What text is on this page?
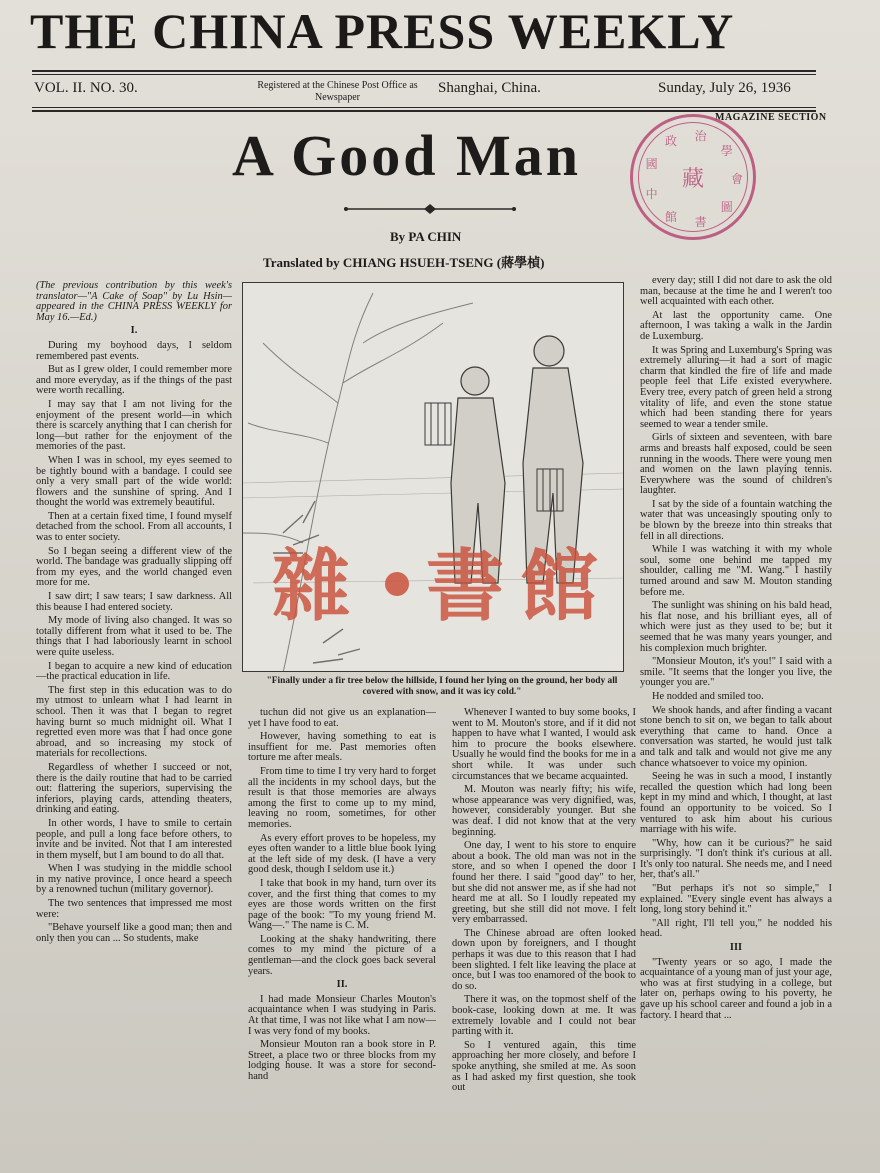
THE CHINA PRESS WEEKLY
VOL. II. NO. 30.	Registered at the Chinese Post Office as Newspaper
Shanghai, China.	Sunday, July 26, 1936
MAGAZINE SECTION
A Good Man
By PA CHIN
Translated by CHIANG HSUEH-TSENG (蔣學楨)
中
國
政 治
學
會
圖
書
館
藏

(The previous contribution by this week's translator—"A Cake of Soap" by Lu Hsin—appeared in the CHINA PRESS WEEKLY for May 16.—Ed.)

I.

During my boyhood days, I seldom remembered past events.

But as I grew older, I could remember more and more everyday, as if the things of the past were worth recalling.

I may say that I am not living for the enjoyment of the present world—in which there is scarcely anything that I can cherish for long—but rather for the enjoyment of the memories of the past.

When I was in school, my eyes seemed to be tightly bound with a bandage. I could see only a very small part of the wide world: flowers and the sunshine of spring. And I thought the world was extremely beautiful.

Then at a certain fixed time, I found myself detached from the school. From all accounts, I was to enter society.

So I began seeing a different view of the world. The bandage was gradually slipping off from my eyes, and the world changed even more for me.

I saw dirt; I saw tears; I saw darkness. All this beause I had entered society.

My mode of living also changed. It was so totally different from what it used to be. The things that I had laboriously learnt in school were quite useless.

I began to acquire a new kind of education—the practical education in life.

The first step in this education was to do my utmost to unlearn what I had learnt in school. Then it was that I began to regret having burnt so much midnight oil. What I regretted even more was that I had once gone abroad, and so increasing my stock of materials for recollections.

Regardless of whether I succeed or not, there is the daily routine that had to be carried out: flattering the superiors, supervising the inferiors, playing cards, attending theaters, drinking and eating.

In other words, I have to smile to certain people, and pull a long face before others, to invite and be invited. Not that I am interested in them myself, but I am bound to do all that.

When I was studying in the middle school in my native province, I once heard a speech by a renowned tuchun (military governor).

The two sentences that impressed me most were:

"Behave yourself like a good man; then and only then you can ... So students, make

雜 書館
"Finally under a fir tree below the hillside, I found her lying on the ground, her body all covered with snow, and it was icy cold."

tuchun did not give us an explanation—yet I have food to eat.

However, having something to eat is insuffient for me. Past memories often torture me after meals.

From time to time I try very hard to forget all the incidents in my school days, but the result is that those memories are always among the first to come up to my mind, leaving no room, sometimes, for other memories.

As every effort proves to be hopeless, my eyes often wander to a little blue book lying at the left side of my desk. (I have a very good desk, though I seldom use it.)

I take that book in my hand, turn over its cover, and the first thing that comes to my eyes are those words written on the first page of the book: "To my young friend M. Wang—." The name is C. M.

Looking at the shaky handwriting, there comes to my mind the picture of a gentleman—and the clock goes back several years.

II.

I had made Monsieur Charles Mouton's acquaintance when I was studying in Paris. At that time, I was not like what I am now—I was very fond of my books.

Monsieur Mouton ran a book store in P. Street, a place two or three blocks from my lodging house. It was a store for second-hand

Whenever I wanted to buy some books, I went to M. Mouton's store, and if it did not happen to have what I wanted, I would ask him to procure the books elsewhere. Usually he would find the books for me in a short while. It was under such circumstances that we became acquainted.

M. Mouton was nearly fifty; his wife, whose appearance was very dignified, was, however, considerably younger. But she was deaf. I did not know that at the very beginning.

One day, I went to his store to enquire about a book. The old man was not in the store, and so when I opened the door I found her there. I said "good day" to her, but she did not answer me, as if she had not heard me at all. So I loudly repeated my greeting, but she still did not move. I felt very embarrassed.

The Chinese abroad are often looked down upon by foreigners, and I thought perhaps it was due to this reason that I had been slighted. I felt like leaving the place at once, but I was too enamored of the book to do so.

There it was, on the topmost shelf of the book-case, looking down at me. It was extremely lovable and I could not bear parting with it.

So I ventured again, this time approaching her more closely, and before I spoke anything, she smiled at me. As soon as I had asked my first question, she took out

every day; still I did not dare to ask the old man, because at the time he and I weren't too well acquainted with each other.

At last the opportunity came. One afternoon, I was taking a walk in the Jardin de Luxemburg.

It was Spring and Luxemburg's Spring was extremely alluring—it had a sort of magic charm that kindled the fire of life and made people feel that Life existed everywhere. Every tree, every patch of green held a strong vitality of life, and even the stone statue which had been standing there for years seemed to wear a tender smile.

Girls of sixteen and seventeen, with bare arms and breasts half exposed, could be seen running in the woods. There were young men and women on the lawn playing tennis. Everywhere was the sound of children's laughter.

I sat by the side of a fountain watching the water that was unceasingly spouting only to be blown by the breeze into thin streaks that fell in all directions.

While I was watching it with my whole soul, some one behind me tapped my shoulder, calling me "M. Wang." I hastily turned around and saw M. Mouton standing before me.

The sunlight was shining on his bald head, his flat nose, and his brilliant eyes, all of which were just as they used to be; but it seemed that he was many years younger, and his complexion much brighter.

"Monsieur Mouton, it's you!" I said with a smile. "It seems that the longer you live, the younger you are."

He nodded and smiled too.

We shook hands, and after finding a vacant stone bench to sit on, we began to talk about everything that came to hand. Once a conversation was started, he would just talk and talk and talk and would not give me any chance whatsoever to voice my opinion.

Seeing he was in such a mood, I instantly recalled the question which had long been kept in my mind and which, I thought, at last found an opportunity to be voiced. So I ventured to ask him about his curious marriage with his wife.

"Why, how can it be curious?" he said surprisingly. "I don't think it's curious at all. It's only too natural. She needs me, and I need her, that's all."

"But perhaps it's not so simple," I explained. "Every single event has always a long, long story behind it."

"All right, I'll tell you," he nodded his head.

III

"Twenty years or so ago, I made the acquaintance of a young man of just your age, who was at first studying in a college, but later on, perhaps owing to his poverty, he gave up his school career and found a job in a factory. I heard that ...
